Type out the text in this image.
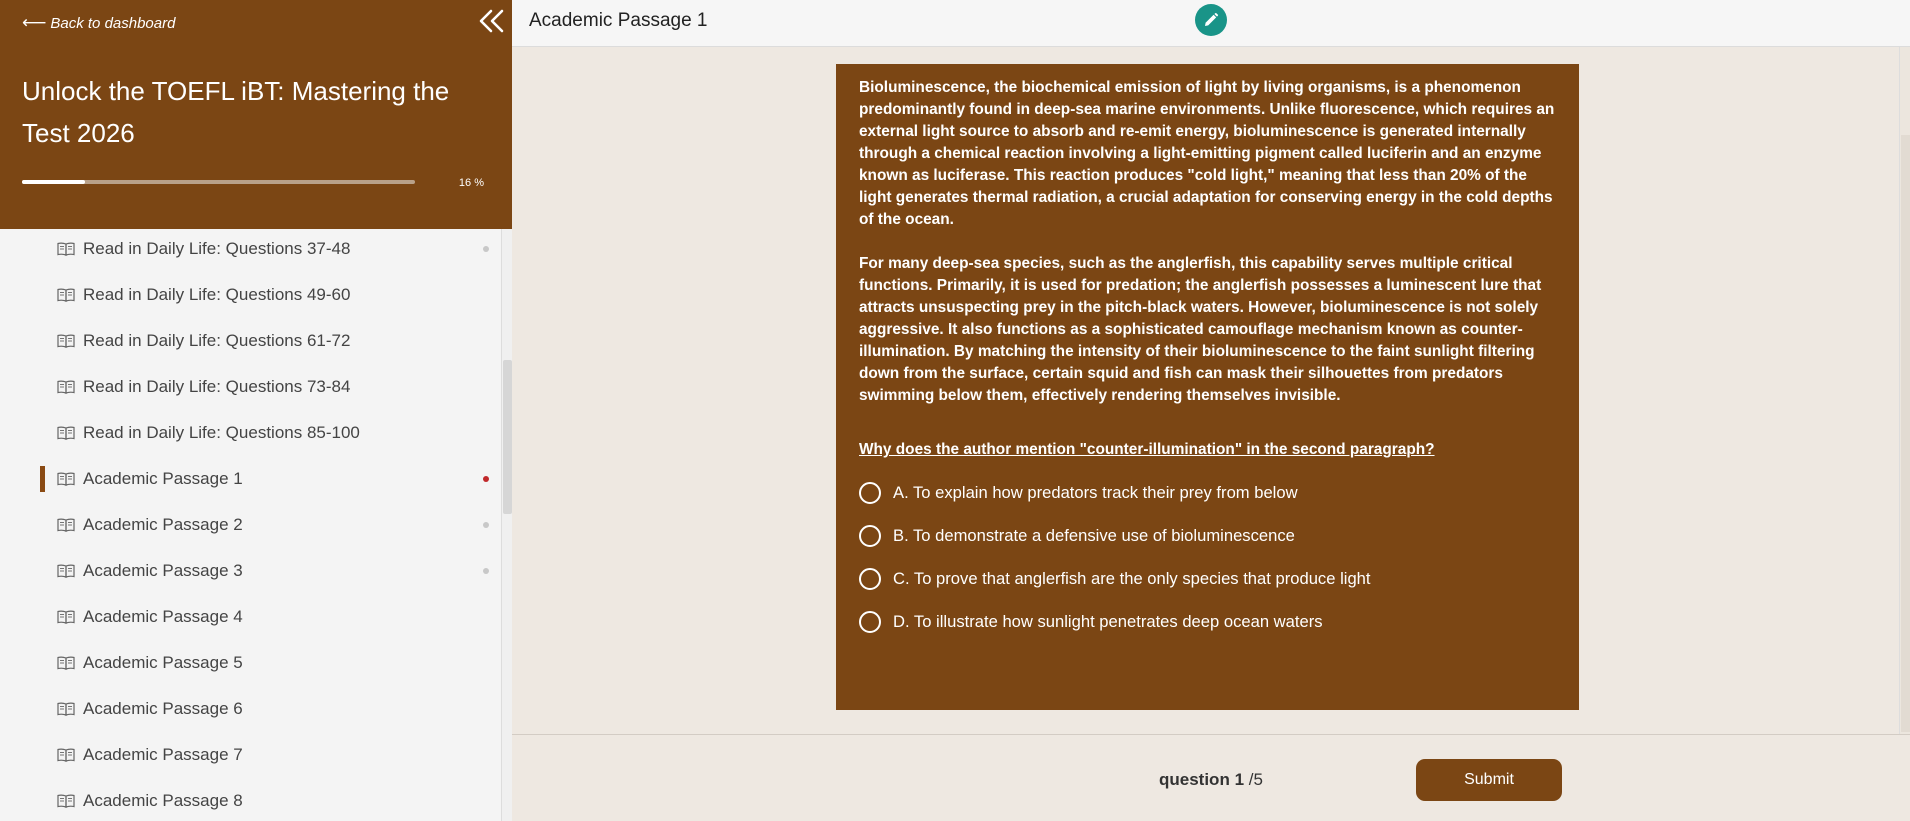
Read in Daily Life: Questions 37-48
Read in Daily Life: Questions 49-60
Read in Daily Life: Questions 61-72
Read in Daily Life: Questions 73-84
Read in Daily Life: Questions 85-100
Academic Passage 1
Academic Passage 2
Academic Passage 3
Academic Passage 4
Academic Passage 5
Academic Passage 6
Academic Passage 7
Academic Passage 8
⟵ Back to dashboard
Unlock the TOEFL iBT: Mastering the Test 2026
16 %
Academic Passage 1

Bioluminescence, the biochemical emission of light by living organisms, is a phenomenon predominantly found in deep-sea marine environments. Unlike fluorescence, which requires an external light source to absorb and re-emit energy, bioluminescence is generated internally through a chemical reaction involving a light-emitting pigment called luciferin and an enzyme known as luciferase. This reaction produces "cold light," meaning that less than 20% of the light generates thermal radiation, a crucial adaptation for conserving energy in the cold depths of the ocean.

For many deep-sea species, such as the anglerfish, this capability serves multiple critical functions. Primarily, it is used for predation; the anglerfish possesses a luminescent lure that attracts unsuspecting prey in the pitch-black waters. However, bioluminescence is not solely aggressive. It also functions as a sophisticated camouflage mechanism known as counter-illumination. By matching the intensity of their bioluminescence to the faint sunlight filtering down from the surface, certain squid and fish can mask their silhouettes from predators swimming below them, effectively rendering themselves invisible.

Why does the author mention "counter-illumination" in the second paragraph?
A. To explain how predators track their prey from below
B. To demonstrate a defensive use of bioluminescence
C. To prove that anglerfish are the only species that produce light
D. To illustrate how sunlight penetrates deep ocean waters
question 1 /5	Submit
